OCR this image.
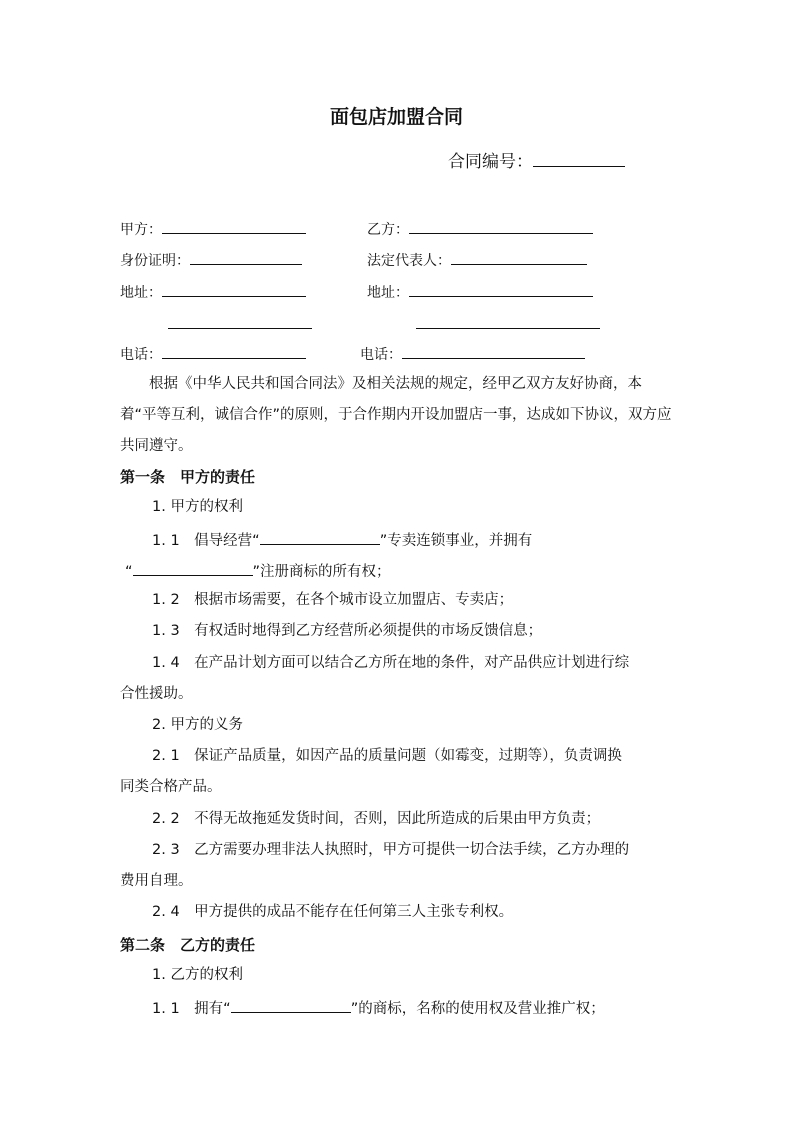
面包店加盟合同
合同编号：
甲方：	乙方：
身份证明：	法定代表人：
地址：	地址：
电话：	电话：
根据《中华人民共和国合同法》及相关法规的规定，经甲乙双方友好协商，本着“平等互利，诚信合作”的原则，于合作期内开设加盟店一事，达成如下协议，双方应共同遵守。
第一条　甲方的责任
1. 甲方的权利
1. 1　倡导经营“	”专卖连锁事业，并拥有
“	”注册商标的所有权；
1. 2　根据市场需要，在各个城市设立加盟店、专卖店；
1. 3　有权适时地得到乙方经营所必须提供的市场反馈信息；
1. 4　在产品计划方面可以结合乙方所在地的条件，对产品供应计划进行综
合性援助。
2. 甲方的义务
2. 1　保证产品质量，如因产品的质量问题（如霉变，过期等），负责调换
同类合格产品。
2. 2　不得无故拖延发货时间，否则，因此所造成的后果由甲方负责；
2. 3　乙方需要办理非法人执照时，甲方可提供一切合法手续，乙方办理的
费用自理。
2. 4　甲方提供的成品不能存在任何第三人主张专利权。
第二条　乙方的责任
1. 乙方的权利
1. 1　拥有“	”的商标，名称的使用权及营业推广权；
